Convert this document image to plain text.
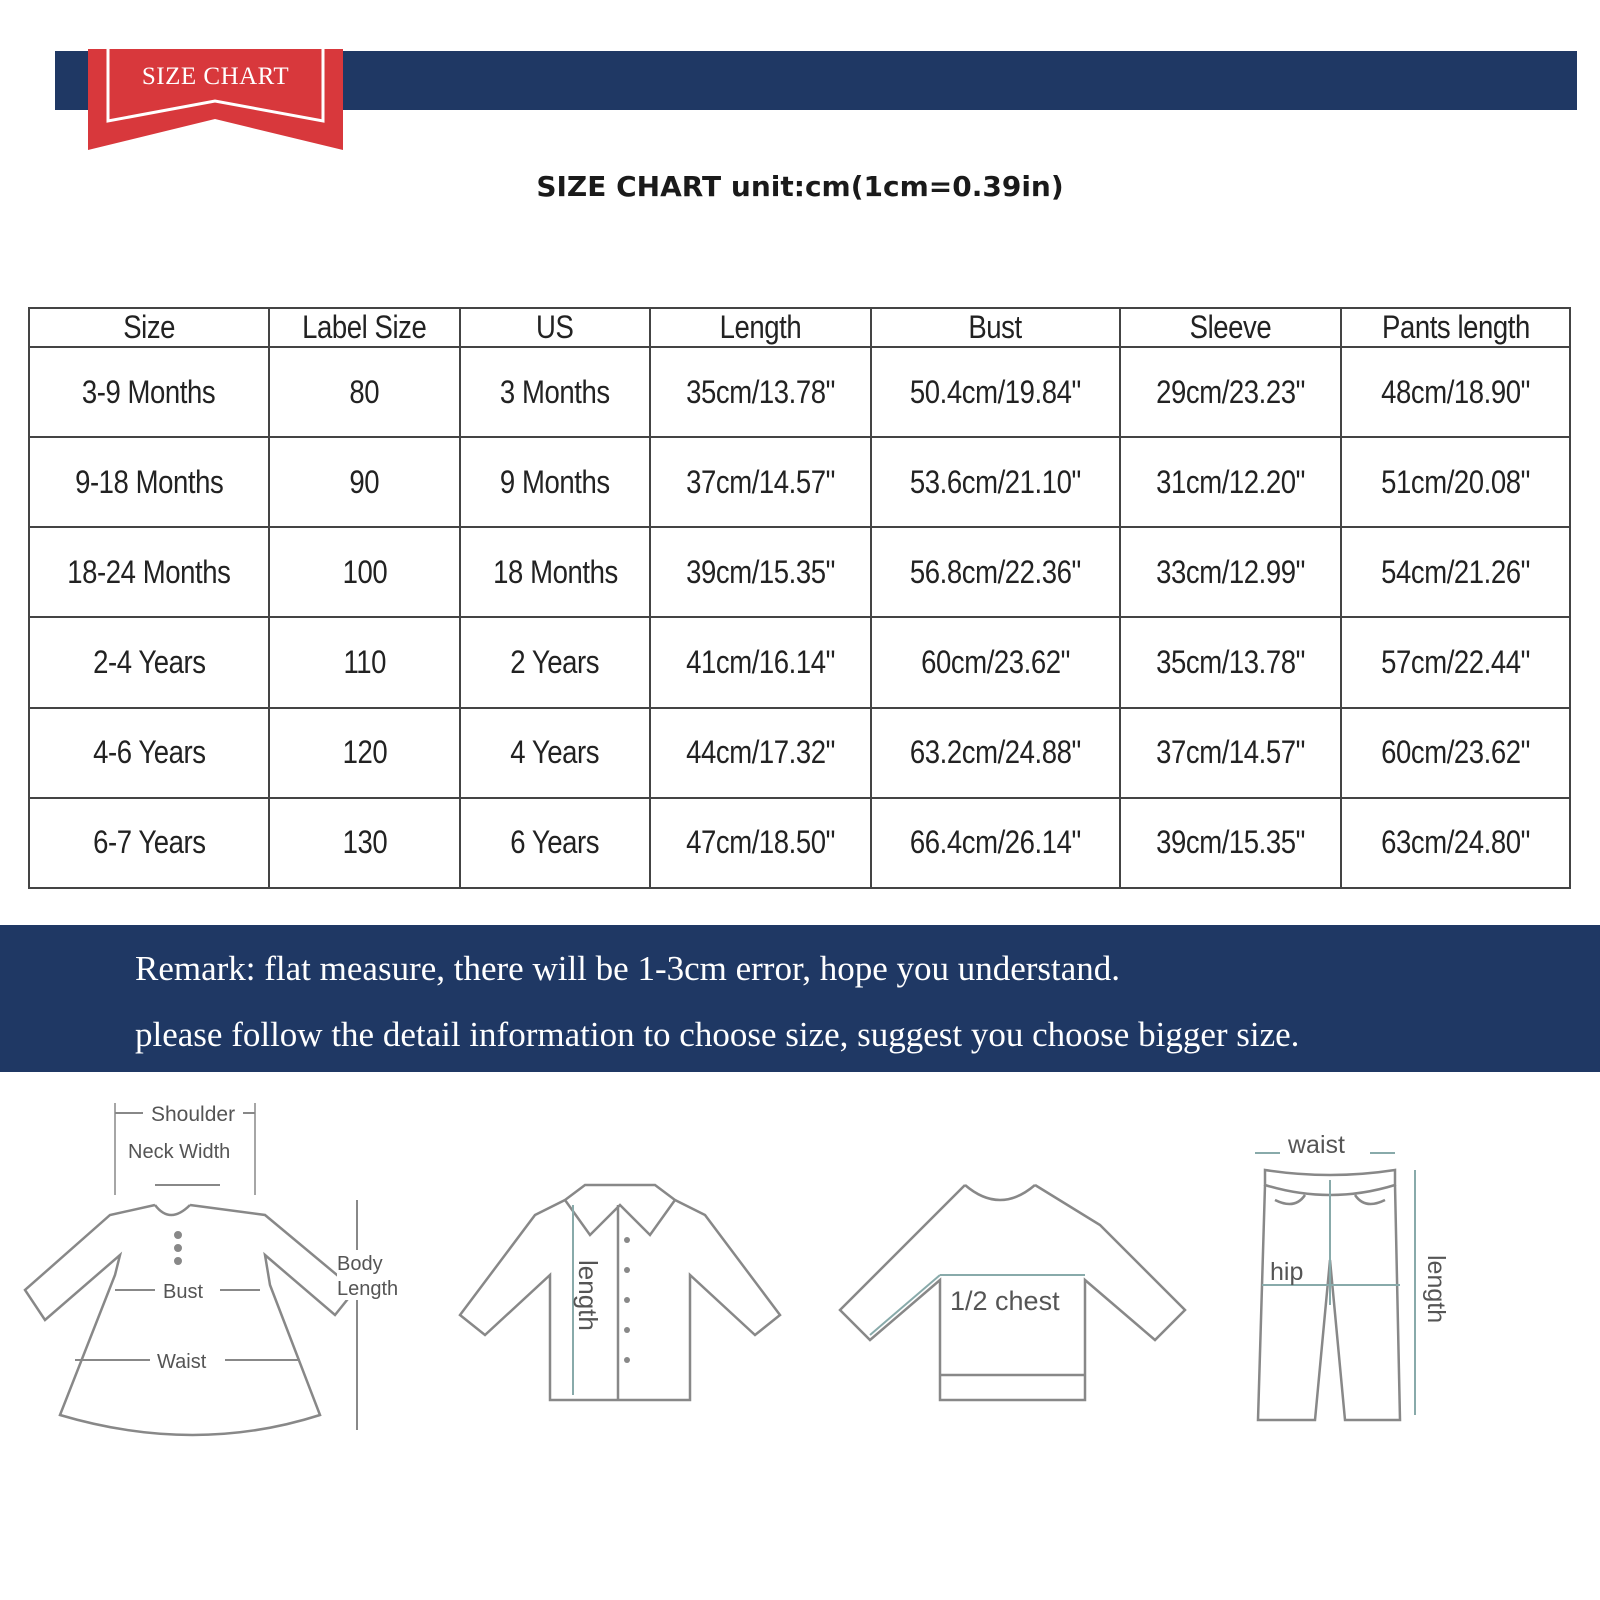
SIZE CHART
SIZE CHART unit:cm(1cm=0.39in)
Size	Label Size	US	Length	Bust	Sleeve	Pants length
3-9 Months	80	3 Months	35cm/13.78"	50.4cm/19.84"	29cm/23.23"	48cm/18.90"
9-18 Months	90	9 Months	37cm/14.57"	53.6cm/21.10"	31cm/12.20"	51cm/20.08"
18-24 Months	100	18 Months	39cm/15.35"	56.8cm/22.36"	33cm/12.99"	54cm/21.26"
2-4 Years	110	2 Years	41cm/16.14"	60cm/23.62"	35cm/13.78"	57cm/22.44"
4-6 Years	120	4 Years	44cm/17.32"	63.2cm/24.88"	37cm/14.57"	60cm/23.62"
6-7 Years	130	6 Years	47cm/18.50"	66.4cm/26.14"	39cm/15.35"	63cm/24.80"
Remark: flat measure, there will be 1-3cm error, hope you understand.
please follow the detail information to choose size, suggest you choose bigger size.
Shoulder
Neck Width
Bust
Waist
Body
Length	length	1/2 chest
waist
hip	length
